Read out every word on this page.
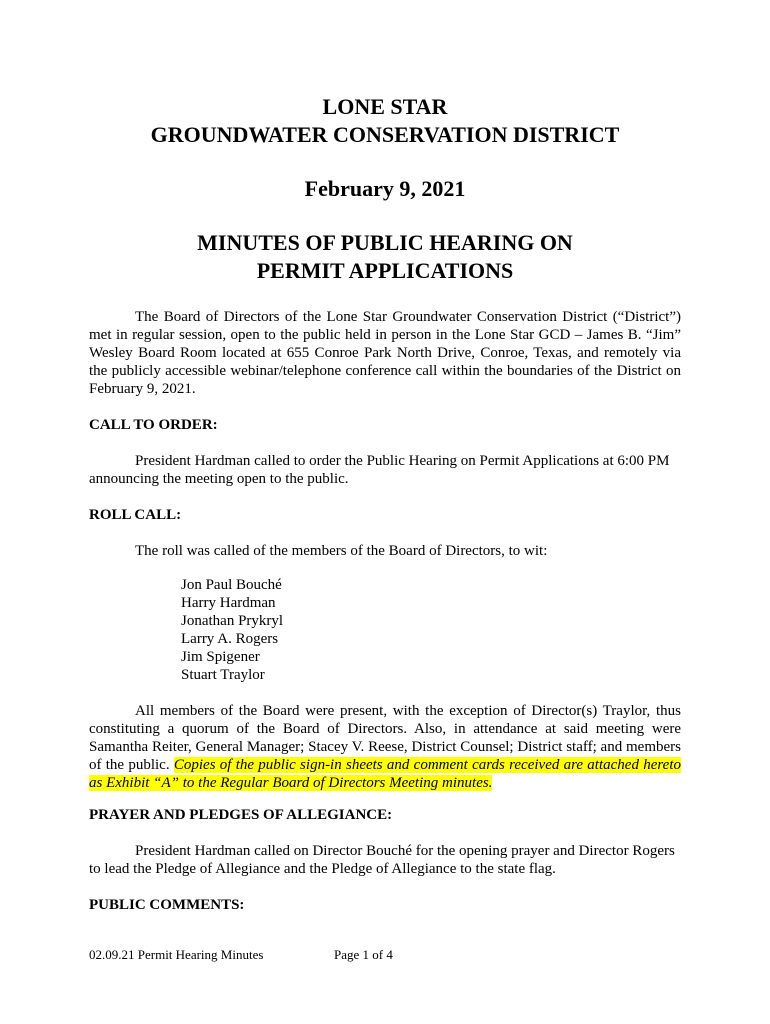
LONE STAR
GROUNDWATER CONSERVATION DISTRICT
February 9, 2021
MINUTES OF PUBLIC HEARING ON
PERMIT APPLICATIONS
The Board of Directors of the Lone Star Groundwater Conservation District (“District”) met in regular session, open to the public held in person in the Lone Star GCD – James B. “Jim” Wesley Board Room located at 655 Conroe Park North Drive, Conroe, Texas, and remotely via the publicly accessible webinar/telephone conference call within the boundaries of the District on February 9, 2021.
CALL TO ORDER:
President Hardman called to order the Public Hearing on Permit Applications at 6:00 PM announcing the meeting open to the public.
ROLL CALL:
The roll was called of the members of the Board of Directors, to wit:
Jon Paul Bouché
Harry Hardman
Jonathan Prykryl
Larry A. Rogers
Jim Spigener
Stuart Traylor
All members of the Board were present, with the exception of Director(s) Traylor, thus constituting a quorum of the Board of Directors. Also, in attendance at said meeting were Samantha Reiter, General Manager; Stacey V. Reese, District Counsel; District staff; and members of the public. Copies of the public sign-in sheets and comment cards received are attached hereto as Exhibit “A” to the Regular Board of Directors Meeting minutes.
PRAYER AND PLEDGES OF ALLEGIANCE:
President Hardman called on Director Bouché for the opening prayer and Director Rogers to lead the Pledge of Allegiance and the Pledge of Allegiance to the state flag.
PUBLIC COMMENTS:
02.09.21 Permit Hearing Minutes	Page 1 of 4
